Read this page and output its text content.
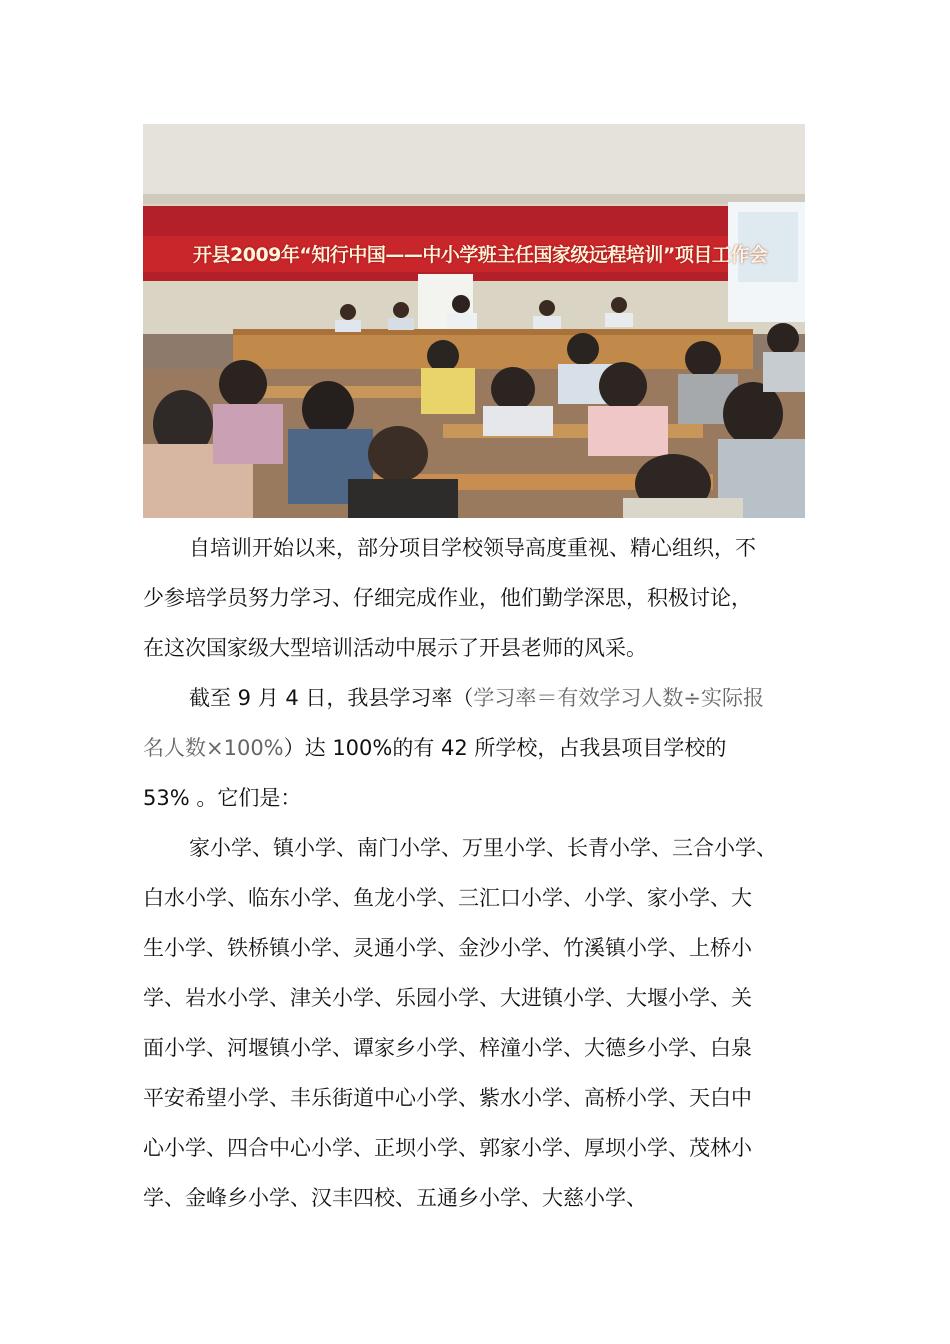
开县2009年“知行中国——中小学班主任国家级远程培训”项目工作会
自培训开始以来，部分项目学校领导高度重视、精心组织，不
少参培学员努力学习、仔细完成作业，他们勤学深思，积极讨论，
在这次国家级大型培训活动中展示了开县老师的风采。
截至 9 月 4 日，我县学习率（学习率＝有效学习人数÷实际报
名人数×100%）达 100%的有 42 所学校，占我县项目学校的
53% 。它们是：
家小学、镇小学、南门小学、万里小学、长青小学、三合小学、
白水小学、临东小学、鱼龙小学、三汇口小学、小学、家小学、大
生小学、铁桥镇小学、灵通小学、金沙小学、竹溪镇小学、上桥小
学、岩水小学、津关小学、乐园小学、大进镇小学、大堰小学、关
面小学、河堰镇小学、谭家乡小学、梓潼小学、大德乡小学、白泉
平安希望小学、丰乐街道中心小学、紫水小学、高桥小学、天白中
心小学、四合中心小学、正坝小学、郭家小学、厚坝小学、茂林小
学、金峰乡小学、汉丰四校、五通乡小学、大慈小学、
